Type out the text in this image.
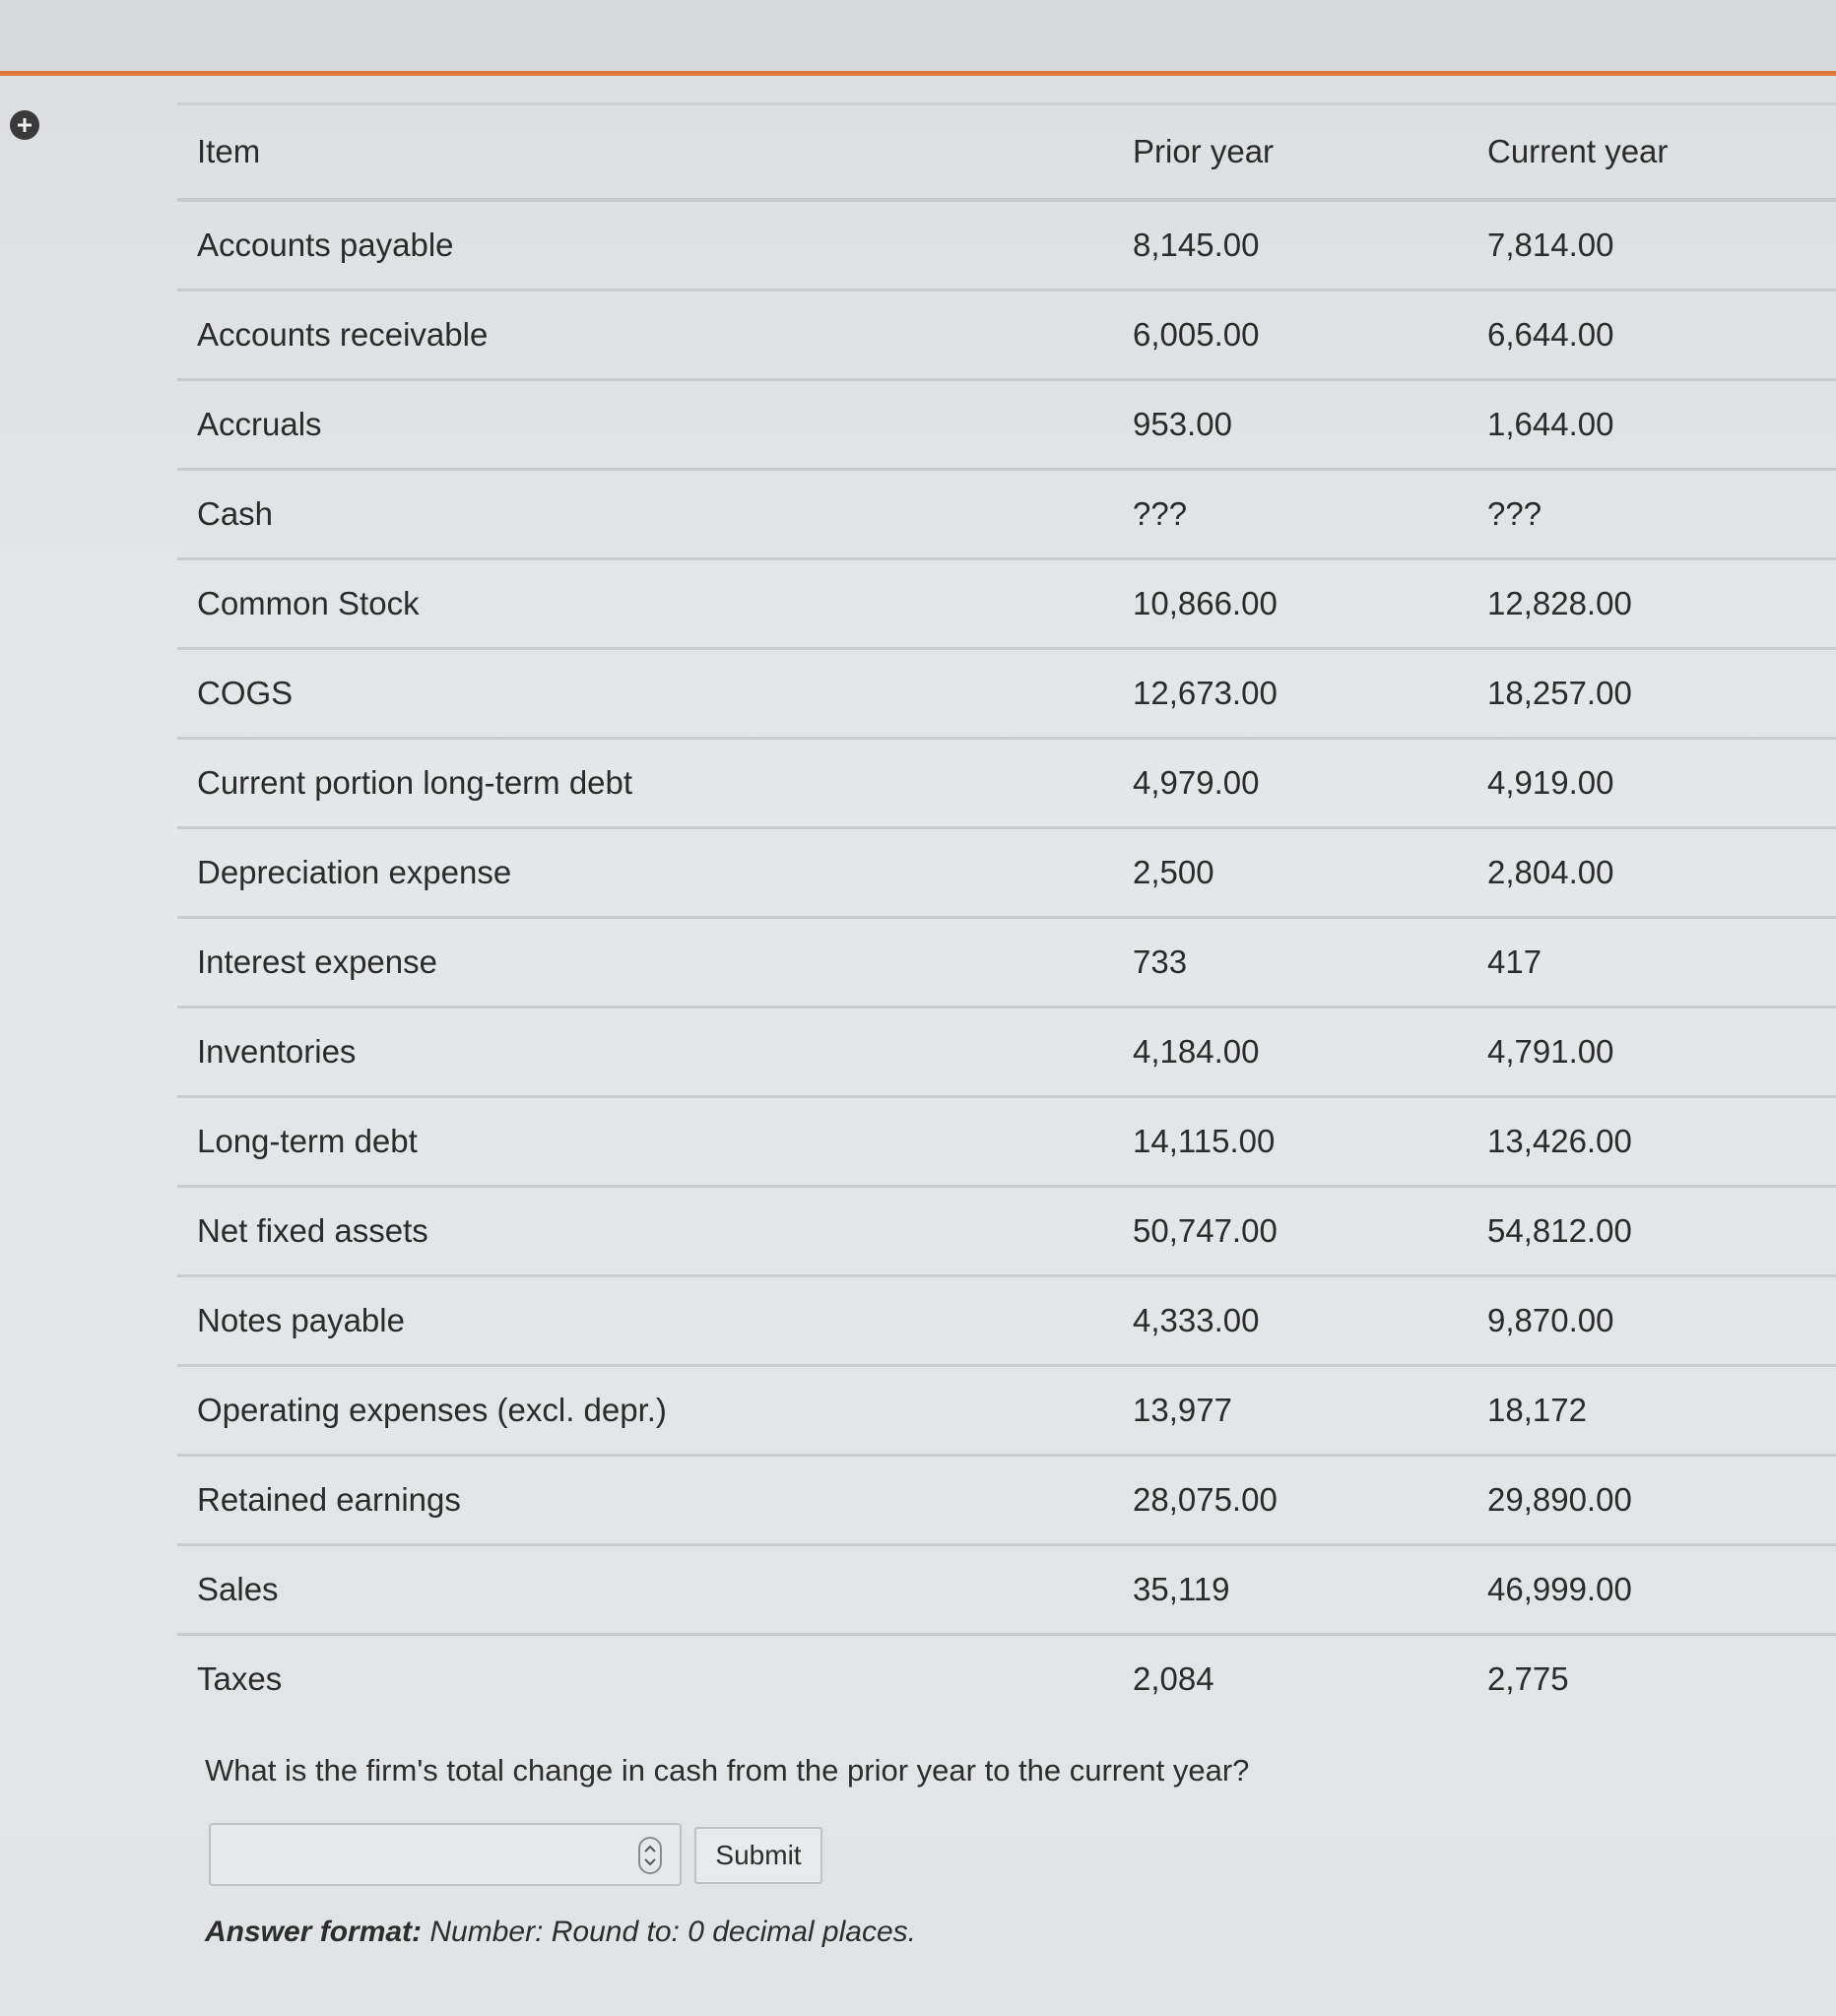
Item	Prior year	Current year
Accounts payable	8,145.00	7,814.00
Accounts receivable	6,005.00	6,644.00
Accruals	953.00	1,644.00
Cash	???	???
Common Stock	10,866.00	12,828.00
COGS	12,673.00	18,257.00
Current portion long-term debt	4,979.00	4,919.00
Depreciation expense	2,500	2,804.00
Interest expense	733	417
Inventories	4,184.00	4,791.00
Long-term debt	14,115.00	13,426.00
Net fixed assets	50,747.00	54,812.00
Notes payable	4,333.00	9,870.00
Operating expenses (excl. depr.)	13,977	18,172
Retained earnings	28,075.00	29,890.00
Sales	35,119	46,999.00
Taxes	2,084	2,775
What is the firm's total change in cash from the prior year to the current year?
Submit
Answer format: Number: Round to: 0 decimal places.
